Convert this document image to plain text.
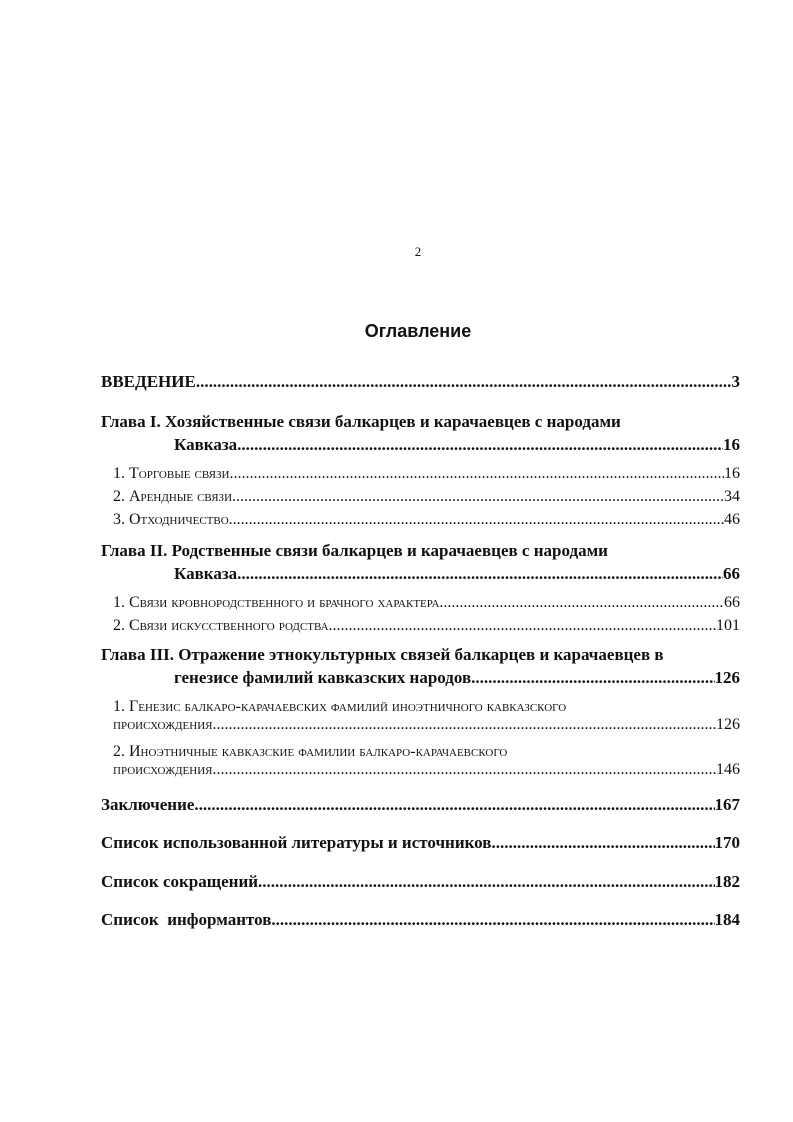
2
Оглавление
ВВЕДЕНИЕ .....	3
Глава I. Хозяйственные связи балкарцев и карачаевцев с народами
Кавказа .....	16
1. Торговые связи .....	16
2. Арендные связи .....	34
3. Отходничество .....	46
Глава II. Родственные связи балкарцев и карачаевцев с народами
Кавказа. .....	66
1. Связи кровнородственного и брачного характера .....	66
2. Связи искусственного родства .....	101
Глава III. Отражение этнокультурных связей балкарцев и карачаевцев в
генезисе фамилий кавказских народов .....	126
1. Генезис балкаро-карачаевских фамилий иноэтничного кавказского
происхождения .....	126
2. Иноэтничные кавказские фамилии балкаро-карачаевского
происхождения .....	146
Заключение .....	167
Список использованной литературы и источников .....	170
Список сокращений .....	182
Список  информантов .....	184
